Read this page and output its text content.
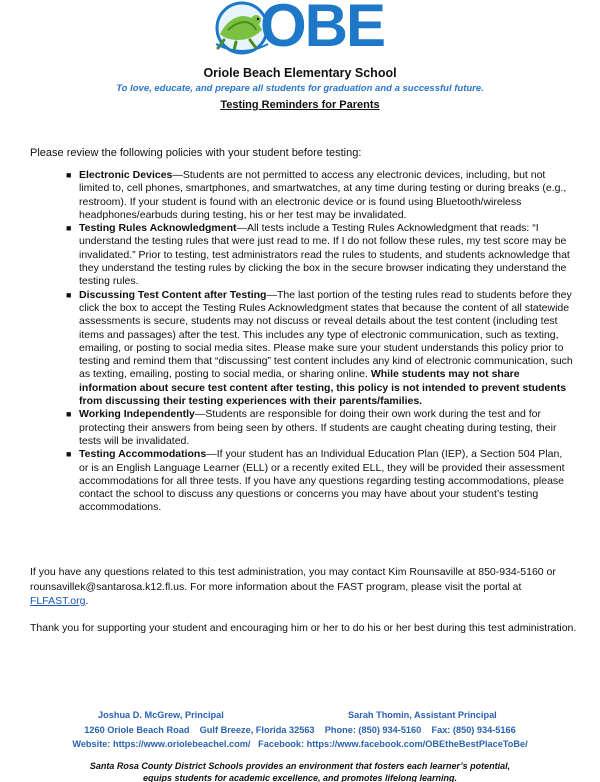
OBE
Oriole Beach Elementary School
To love, educate, and prepare all students for graduation and a successful future.
Testing Reminders for Parents
Please review the following policies with your student before testing:
■ Electronic Devices—Students are not permitted to access any electronic devices, including, but not limited to, cell phones, smartphones, and smartwatches, at any time during testing or during breaks (e.g., restroom). If your student is found with an electronic device or is found using Bluetooth/wireless headphones/earbuds during testing, his or her test may be invalidated.
■ Testing Rules Acknowledgment—All tests include a Testing Rules Acknowledgment that reads: “I understand the testing rules that were just read to me. If I do not follow these rules, my test score may be invalidated.” Prior to testing, test administrators read the rules to students, and students acknowledge that they understand the testing rules by clicking the box in the secure browser indicating they understand the testing rules.
■ Discussing Test Content after Testing—The last portion of the testing rules read to students before they click the box to accept the Testing Rules Acknowledgment states that because the content of all statewide assessments is secure, students may not discuss or reveal details about the test content (including test items and passages) after the test. This includes any type of electronic communication, such as texting, emailing, or posting to social media sites. Please make sure your student understands this policy prior to testing and remind them that “discussing” test content includes any kind of electronic communication, such as texting, emailing, posting to social media, or sharing online. While students may not share information about secure test content after testing, this policy is not intended to prevent students from discussing their testing experiences with their parents/families.
■ Working Independently—Students are responsible for doing their own work during the test and for protecting their answers from being seen by others. If students are caught cheating during testing, their tests will be invalidated.
■ Testing Accommodations—If your student has an Individual Education Plan (IEP), a Section 504 Plan, or is an English Language Learner (ELL) or a recently exited ELL, they will be provided their assessment accommodations for all three tests. If you have any questions regarding testing accommodations, please contact the school to discuss any questions or concerns you may have about your student’s testing accommodations.
If you have any questions related to this test administration, you may contact Kim Rounsaville at 850-934-5160 or rounsavillek@santarosa.k12.fl.us. For more information about the FAST program, please visit the portal at FLFAST.org.
Thank you for supporting your student and encouraging him or her to do his or her best during this test administration.
Joshua D. McGrew, Principal	Sarah Thomin, Assistant Principal
1260 Oriole Beach Road    Gulf Breeze, Florida 32563    Phone: (850) 934-5160    Fax: (850) 934-5166
Website: https://www.oriolebeachel.com/   Facebook: https://www.facebook.com/OBEtheBestPlaceToBe/
Santa Rosa County District Schools provides an environment that fosters each learner’s potential,
equips students for academic excellence, and promotes lifelong learning.
